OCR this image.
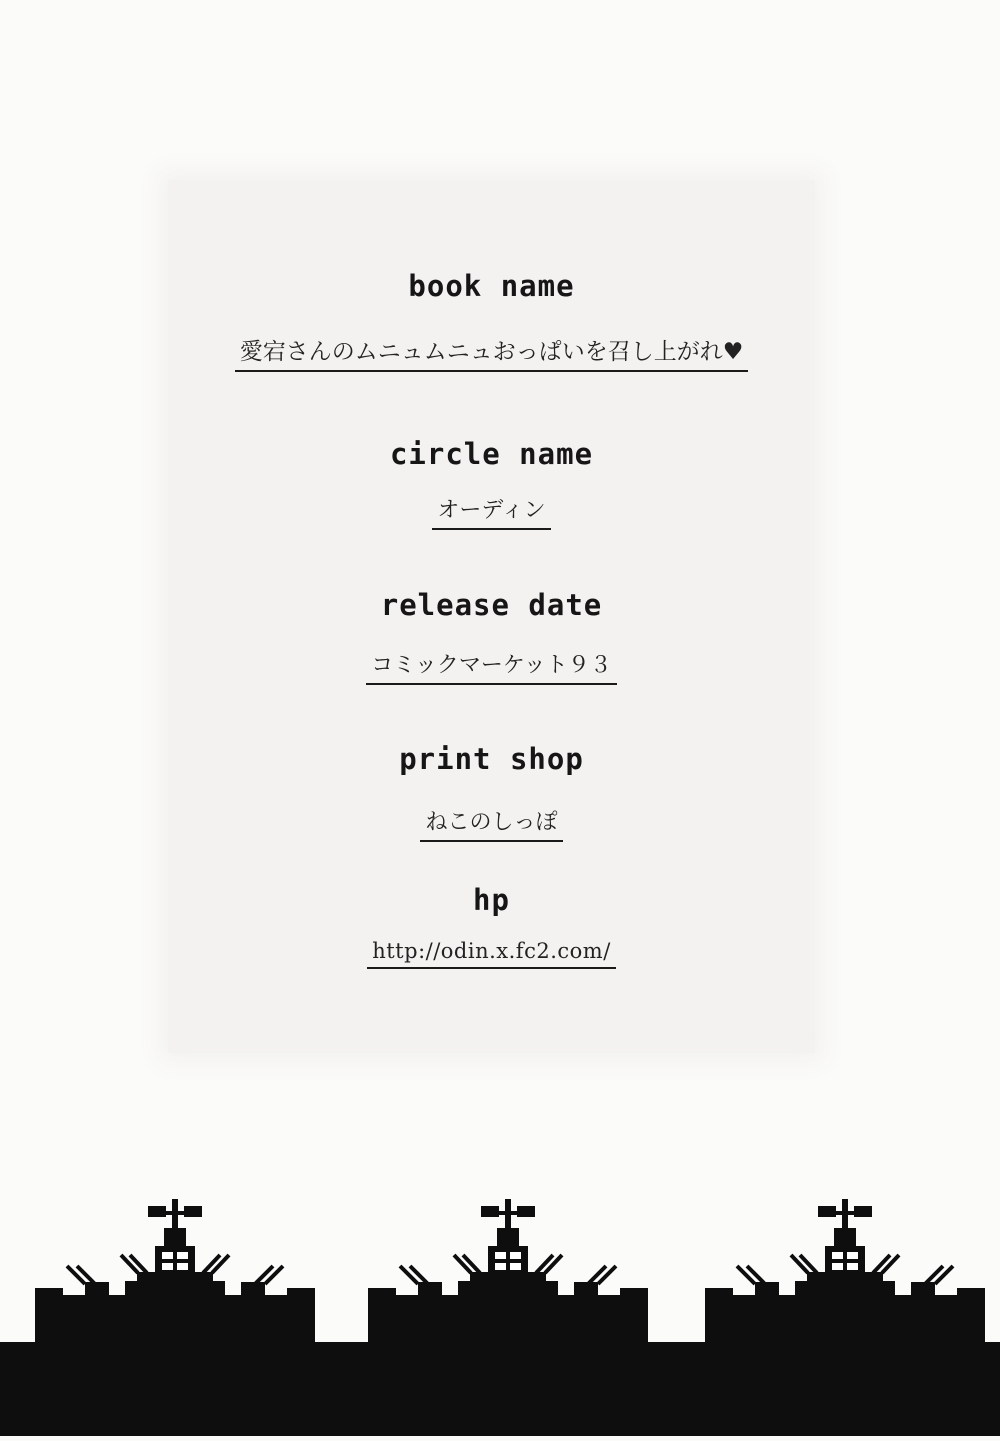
book name
愛宕さんのムニュムニュおっぱいを召し上がれ♥
circle name
オーディン
release date
コミックマーケット９３
print shop
ねこのしっぽ
hp
http://odin.x.fc2.com/
